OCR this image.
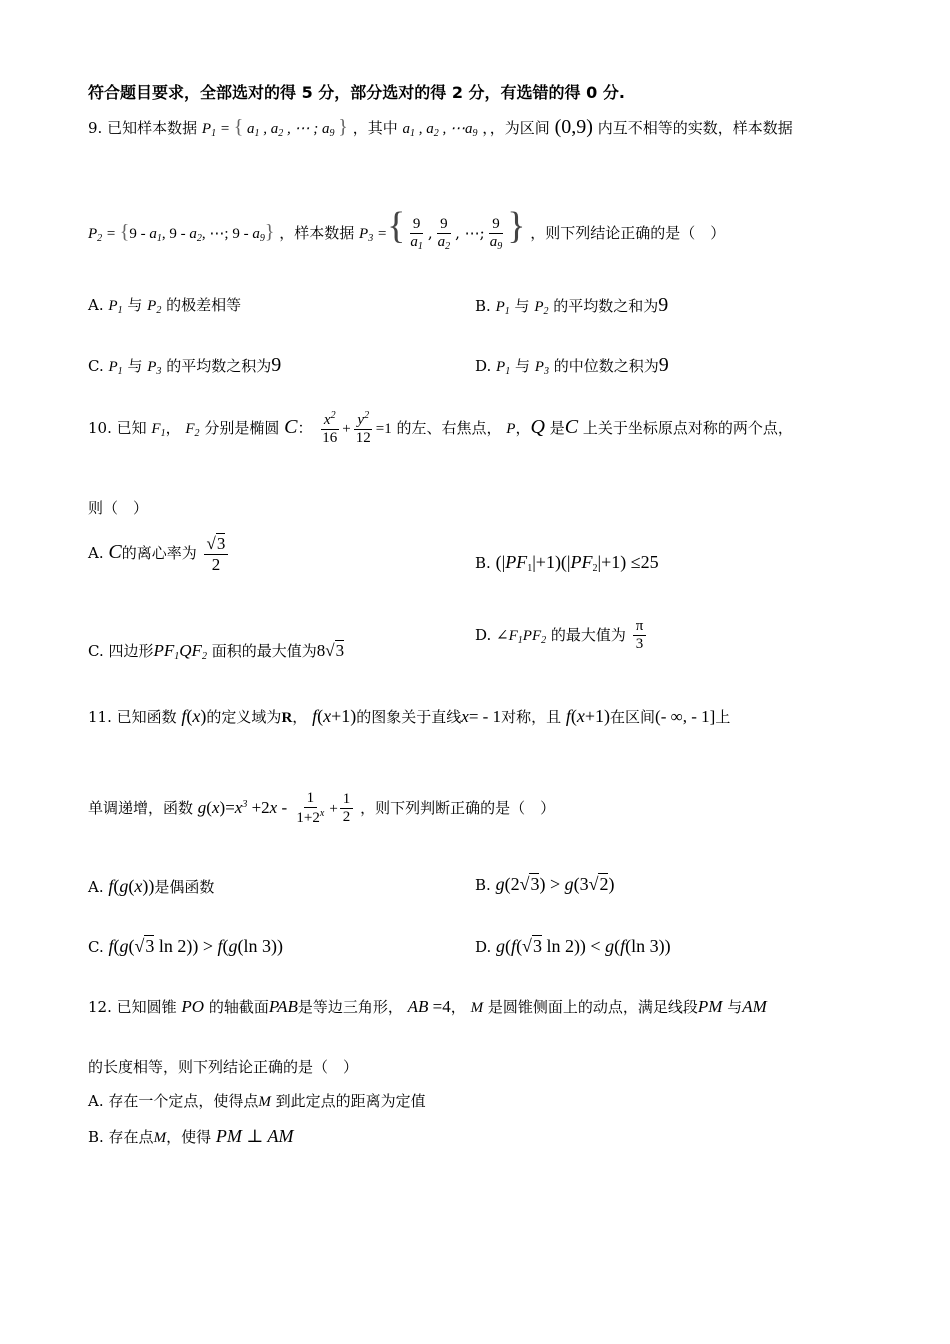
符合题目要求，全部选对的得 5 分，部分选对的得 2 分，有选错的得 0 分.
9. 已知样本数据 $P_1$ = { $a_1$ , $a_2$ , ⋯ ; $a_9$ } ，其中 $a_1$ , $a_2$ , $\cdots a_9$ ，，为区间 (0,9) 内互不相等的实数，样本数据
$P_2 = \{9 - a_1$, $9 - a_2$, ⋯; $9 - a_9$} ，样本数据 $P_3$ ={ $\frac{9}{a_1}$ , $\frac{9}{a_2}$ , ⋯; $\frac{9}{a_9}$ } ，则下列结论正确的是（　）
A. $P_1$ 与 $P_2$ 的极差相等	B. $P_1$ 与 $P_2$ 的平均数之和为9
C. $P_1$ 与 $P_3$ 的平均数之积为9	D. $P_1$ 与 $P_3$ 的中位数之积为9
10. 已知 $F_1$， $F_2$ 分别是椭圆 C： $\frac{x^2}{16} + \frac{y^2}{12} =1$ 的左、右焦点， P，Q 是C 上关于坐标原点对称的两个点，
则（　）
A. C的离心率为 $\frac{√3}{2}$	B. $(|PF_1|+1)(|PF_2|+1) \le 25$
C. 四边形$PF_1QF_2$ 面积的最大值为8√3
D. $\angle F_1PF_2$ 的最大值为 $\frac{\pi}{3}$
11. 已知函数 f(x)的定义域为R， f(x+1)的图象关于直线x= - 1对称，且 f(x+1)在区间(- ∞, - 1]上
单调递增，函数 $g(x)=x^3 +2x - \frac{1}{1+2^x} + \frac{1}{2}$ ，则下列判断正确的是（　）
A. f(g(x))是偶函数	B. g(2√3) > g(3√2)
C. f(g(√3 ln 2)) > f(g(ln 3))	D. g(f(√3 ln 2)) < g(f(ln 3))
12. 已知圆锥 PO 的轴截面PAB是等边三角形， AB =4， M 是圆锥侧面上的动点，满足线段PM 与AM
的长度相等，则下列结论正确的是（　）
A. 存在一个定点，使得点M 到此定点的距离为定值
B. 存在点M，使得 PM ⊥ AM
